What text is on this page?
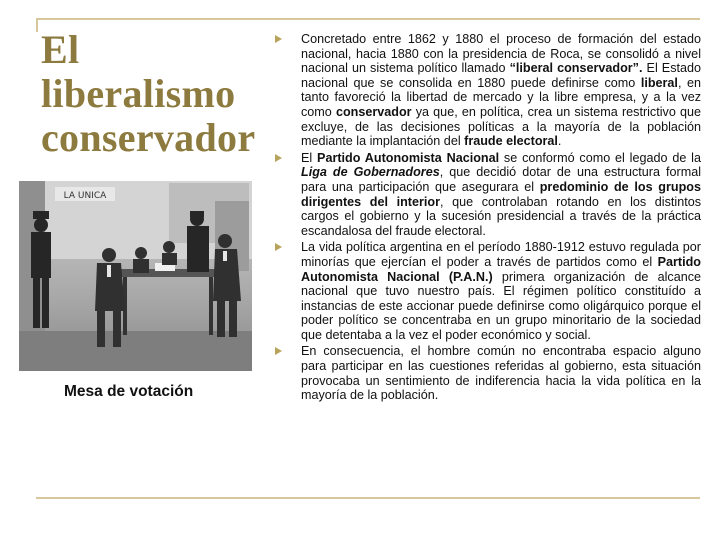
El
liberalismo
conservador
LA UNICA
Mesa de votación
Concretado entre 1862 y 1880 el proceso de formación del estado nacional, hacia 1880 con la presidencia de Roca, se consolidó a nivel nacional un sistema político llamado “liberal conservador”. El Estado nacional que se consolida en 1880 puede definirse como liberal, en tanto favoreció la libertad de mercado y la libre empresa, y a la vez como conservador ya que, en política, crea un sistema restrictivo que excluye, de las decisiones políticas a la mayoría de la población mediante la implantación del fraude electoral.
El Partido Autonomista Nacional se conformó como el legado de la Liga de Gobernadores, que decidió dotar de una estructura formal para una participación que asegurara el predominio de los grupos dirigentes del interior, que controlaban rotando en los distintos cargos el gobierno y la sucesión presidencial a través de la práctica escandalosa del fraude electoral.
La vida política argentina en el período 1880-1912 estuvo regulada por minorías que ejercían el poder a través de partidos como el Partido Autonomista Nacional (P.A.N.) primera organización de alcance nacional que tuvo nuestro país. El régimen político constituído a instancias de este accionar puede definirse como oligárquico porque el poder político se concentraba en un grupo minoritario de la sociedad que detentaba a la vez el poder económico y social.
En consecuencia, el hombre común no encontraba espacio alguno para participar en las cuestiones referidas al gobierno, esta situación provocaba un sentimiento de indiferencia hacia la vida política en la mayoría de la población.
